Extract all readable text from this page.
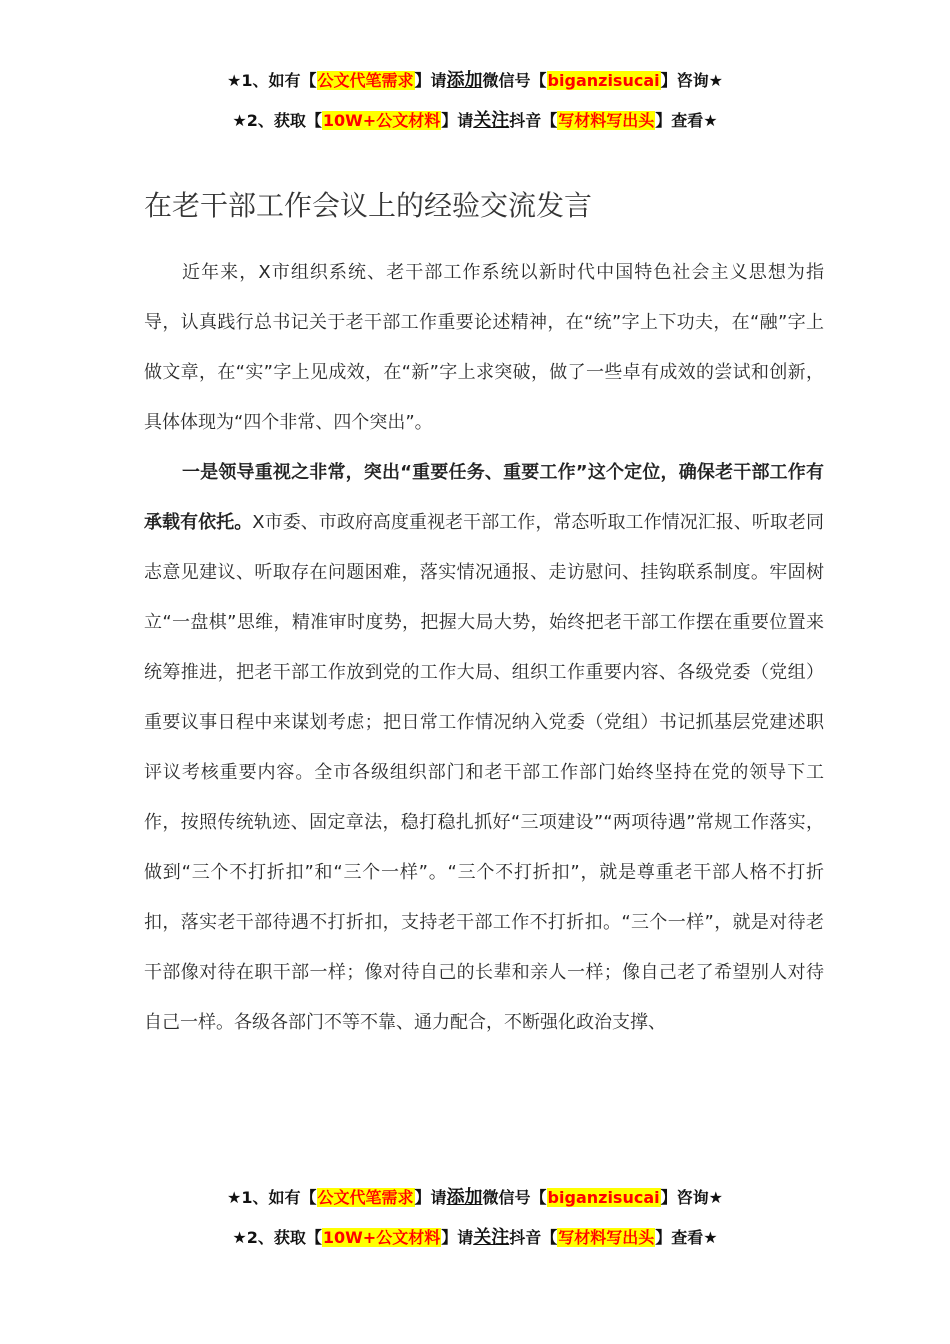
★1、如有【公文代笔需求】请添加微信号【biganzisucai】咨询★
★2、获取【10W+公文材料】请关注抖音【写材料写出头】查看★
在老干部工作会议上的经验交流发言

近年来，X市组织系统、老干部工作系统以新时代中国特色社会主义思想为指导，认真践行总书记关于老干部工作重要论述精神，在“统”字上下功夫，在“融”字上做文章，在“实”字上见成效，在“新”字上求突破，做了一些卓有成效的尝试和创新，具体体现为“四个非常、四个突出”。

一是领导重视之非常，突出“重要任务、重要工作”这个定位，确保老干部工作有承载有依托。X市委、市政府高度重视老干部工作，常态听取工作情况汇报、听取老同志意见建议、听取存在问题困难，落实情况通报、走访慰问、挂钩联系制度。牢固树立“一盘棋”思维，精准审时度势，把握大局大势，始终把老干部工作摆在重要位置来统筹推进，把老干部工作放到党的工作大局、组织工作重要内容、各级党委（党组）重要议事日程中来谋划考虑；把日常工作情况纳入党委（党组）书记抓基层党建述职评议考核重要内容。全市各级组织部门和老干部工作部门始终坚持在党的领导下工作，按照传统轨迹、固定章法，稳打稳扎抓好“三项建设”“两项待遇”常规工作落实，做到“三个不打折扣”和“三个一样”。“三个不打折扣”，就是尊重老干部人格不打折扣，落实老干部待遇不打折扣，支持老干部工作不打折扣。“三个一样”，就是对待老干部像对待在职干部一样；像对待自己的长辈和亲人一样；像自己老了希望别人对待自己一样。各级各部门不等不靠、通力配合，不断强化政治支撑、

★1、如有【公文代笔需求】请添加微信号【biganzisucai】咨询★
★2、获取【10W+公文材料】请关注抖音【写材料写出头】查看★
